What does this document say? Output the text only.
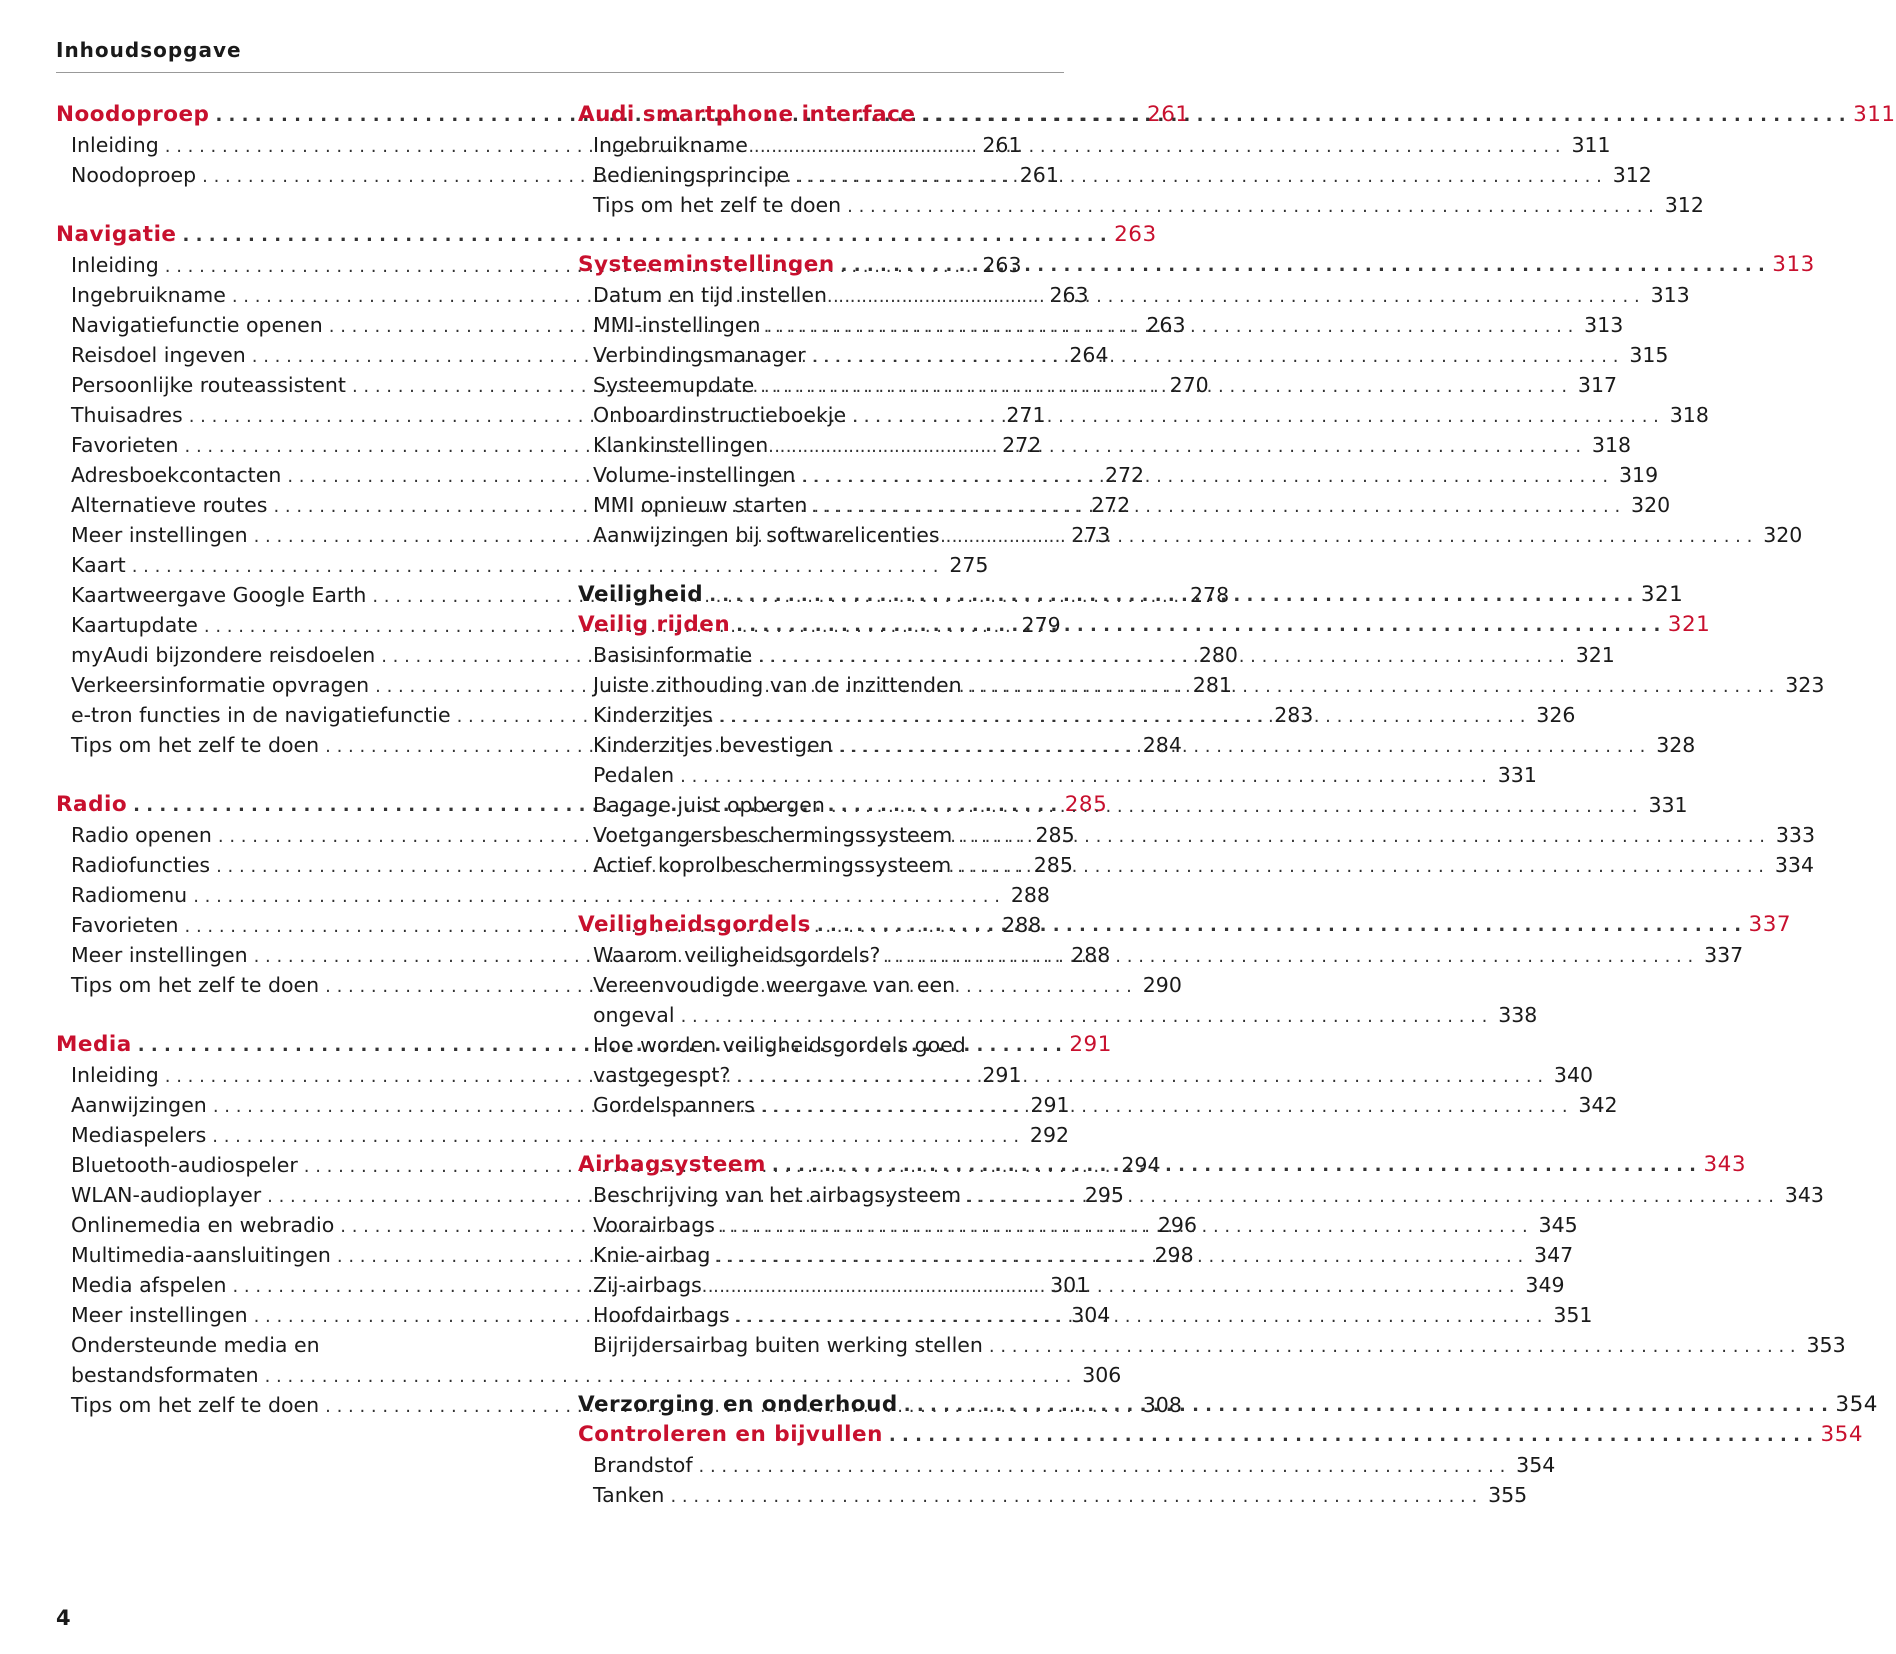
Inhoudsopgave
Noodoproep . . .	261
Inleiding . . .	261
Noodoproep . . .	261
Navigatie . . .	263
Inleiding . . .	263
Ingebruikname . . .	263
Navigatiefunctie openen . . .	263
Reisdoel ingeven . . .	264
Persoonlijke routeassistent . . .	270
Thuisadres . . .	271
Favorieten . . .	272
Adresboekcontacten . . .	272
Alternatieve routes . . .	272
Meer instellingen . . .	273
Kaart . . .	275
Kaartweergave Google Earth . . .	278
Kaartupdate . . .	279
myAudi bijzondere reisdoelen . . .	280
Verkeersinformatie opvragen . . .	281
e-tron functies in de navigatiefunctie . . .	283
Tips om het zelf te doen . . .	284
Radio . . .	285
Radio openen . . .	285
Radiofuncties . . .	285
Radiomenu . . .	288
Favorieten . . .	288
Meer instellingen . . .	288
Tips om het zelf te doen . . .	290
Media . . .	291
Inleiding . . .	291
Aanwijzingen . . .	291
Mediaspelers . . .	292
Bluetooth-audiospeler . . .	294
WLAN-audioplayer . . .	295
Onlinemedia en webradio . . .	296
Multimedia-aansluitingen . . .	298
Media afspelen . . .	301
Meer instellingen . . .	304
Ondersteunde media en
bestandsformaten . . .	306
Tips om het zelf te doen . . .	308
Audi smartphone interface . . .	311
Ingebruikname . . .	311
Bedieningsprincipe . . .	312
Tips om het zelf te doen . . .	312
Systeeminstellingen . . .	313
Datum en tijd instellen . . .	313
MMI-instellingen . . .	313
Verbindingsmanager . . .	315
Systeemupdate . . .	317
Onboardinstructieboekje . . .	318
Klankinstellingen . . .	318
Volume-instellingen . . .	319
MMI opnieuw starten . . .	320
Aanwijzingen bij softwarelicenties . . .	320
Veiligheid . . .	321
Veilig rijden . . .	321
Basisinformatie . . .	321
Juiste zithouding van de inzittenden . . .	323
Kinderzitjes . . .	326
Kinderzitjes bevestigen . . .	328
Pedalen . . .	331
Bagage juist opbergen . . .	331
Voetgangersbeschermingssysteem . . .	333
Actief koprolbeschermingssysteem . . .	334
Veiligheidsgordels . . .	337
Waarom veiligheidsgordels? . . .	337
Vereenvoudigde weergave van een
ongeval . . .	338
Hoe worden veiligheidsgordels goed
vastgegespt? . . .	340
Gordelspanners . . .	342
Airbagsysteem . . .	343
Beschrijving van het airbagsysteem . . .	343
Voorairbags . . .	345
Knie-airbag . . .	347
Zij-airbags . . .	349
Hoofdairbags . . .	351
Bijrijdersairbag buiten werking stellen . . .	353
Verzorging en onderhoud . . .	354
Controleren en bijvullen . . .	354
Brandstof . . .	354
Tanken . . .	355
4
